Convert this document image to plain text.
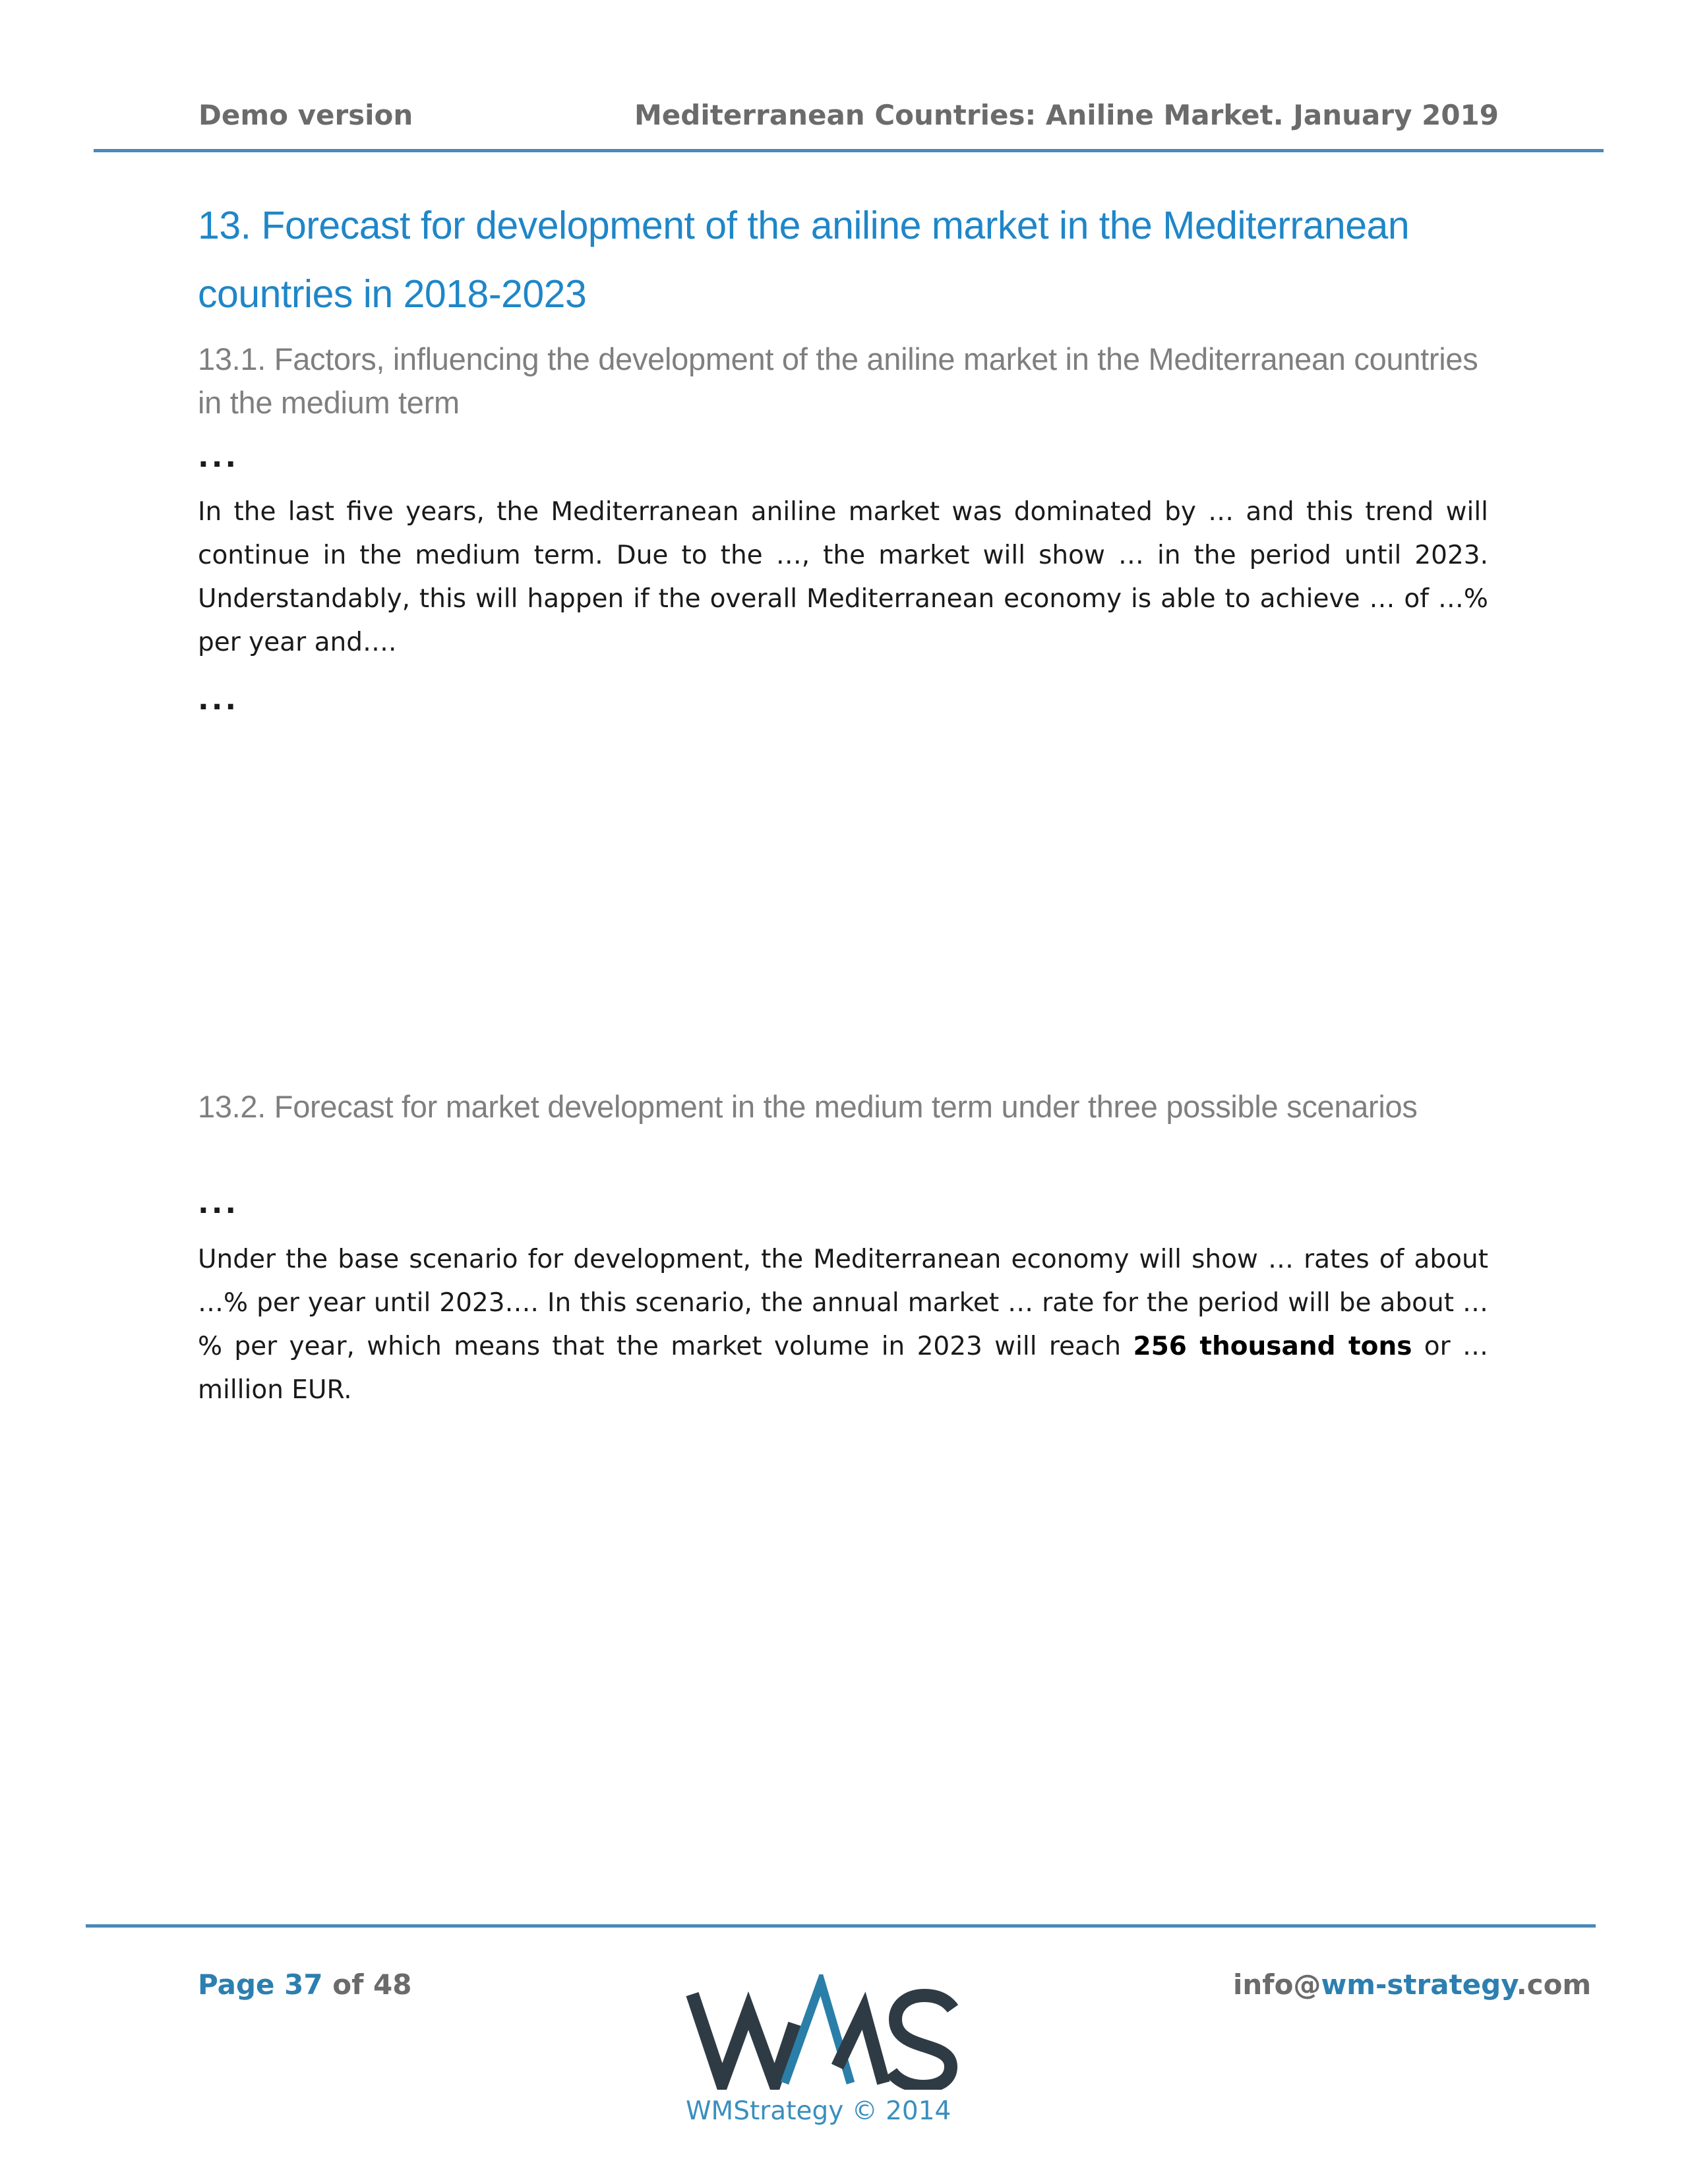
Demo version	Mediterranean Countries: Aniline Market. January 2019
13. Forecast for development of the aniline market in the Mediterranean countries in 2018-2023
13.1. Factors, influencing the development of the aniline market in the Mediterranean countries in the medium term
...
In the last five years, the Mediterranean aniline market was dominated by … and this trend will continue in the medium term. Due to the …, the market will show … in the period until 2023. Understandably, this will happen if the overall Mediterranean economy is able to achieve … of …% per year and….
...
13.2. Forecast for market development in the medium term under three possible scenarios
...
Under the base scenario for development, the Mediterranean economy will show … rates of about …% per year until 2023…. In this scenario, the annual market … rate for the period will be about …% per year, which means that the market volume in 2023 will reach 256 thousand tons or … million EUR.
Page 37 of 48	info@wm-strategy.com
WMStrategy © 2014
